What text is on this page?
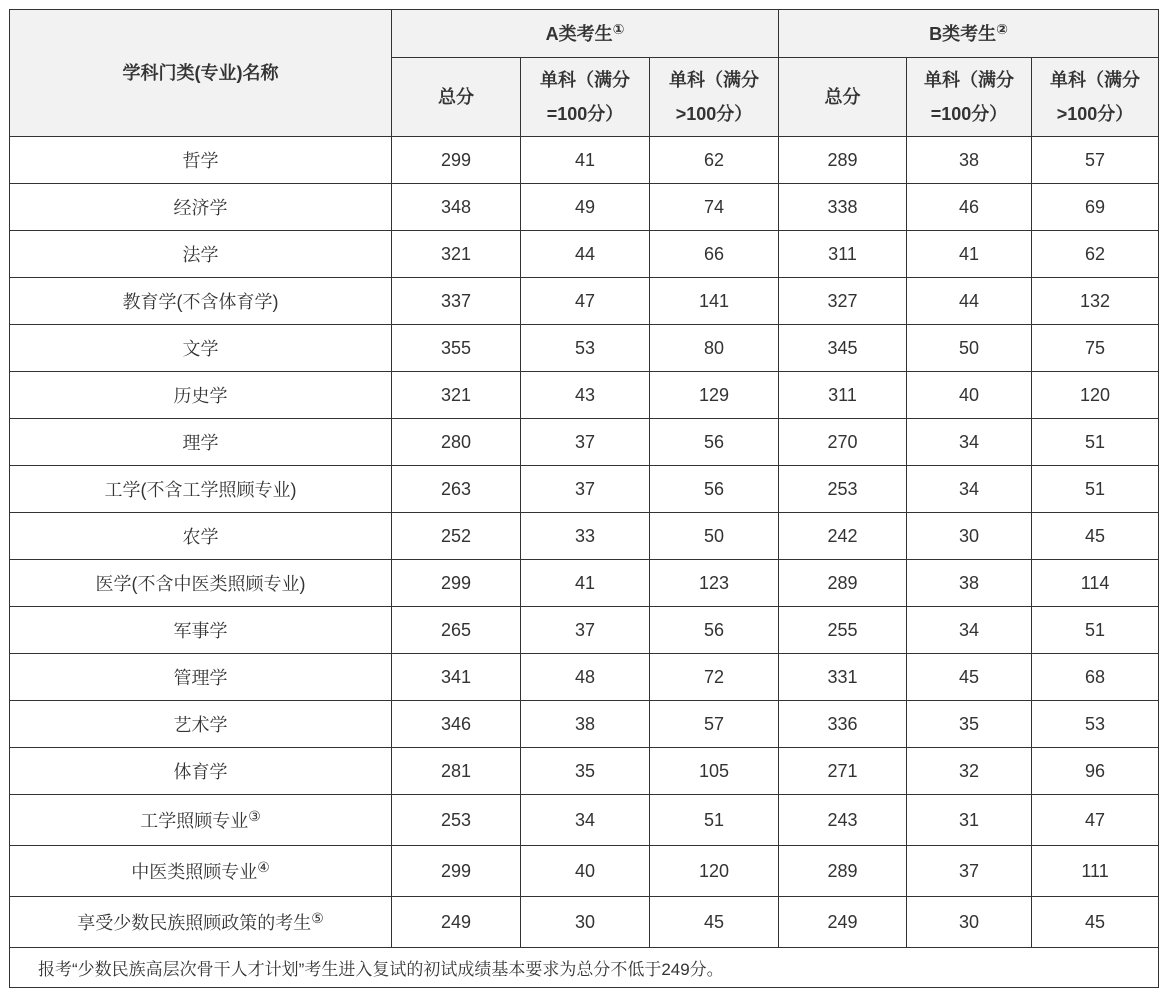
学科门类(专业)名称	A类考生①			B类考生②
	总分	单科（满分=100分）	单科（满分>100分）	总分	单科（满分=100分）	单科（满分>100分）
哲学	299	41	62	289	38	57
经济学	348	49	74	338	46	69
法学	321	44	66	311	41	62
教育学(不含体育学)	337	47	141	327	44	132
文学	355	53	80	345	50	75
历史学	321	43	129	311	40	120
理学	280	37	56	270	34	51
工学(不含工学照顾专业)	263	37	56	253	34	51
农学	252	33	50	242	30	45
医学(不含中医类照顾专业)	299	41	123	289	38	114
军事学	265	37	56	255	34	51
管理学	341	48	72	331	45	68
艺术学	346	38	57	336	35	53
体育学	281	35	105	271	32	96
工学照顾专业③	253	34	51	243	31	47
中医类照顾专业④	299	40	120	289	37	111
享受少数民族照顾政策的考生⑤	249	30	45	249	30	45
报考“少数民族高层次骨干人才计划”考生进入复试的初试成绩基本要求为总分不低于249分。						
